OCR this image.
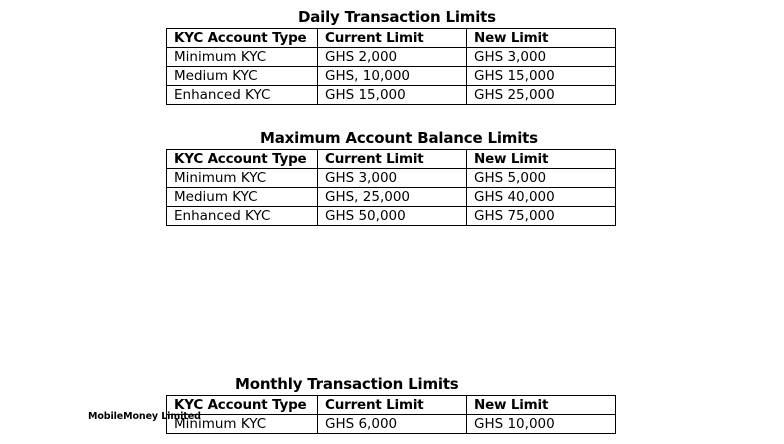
Daily Transaction Limits
KYC Account Type	Current Limit	New Limit
Minimum KYC	GHS 2,000	GHS 3,000
Medium KYC	GHS, 10,000	GHS 15,000
Enhanced KYC	GHS 15,000	GHS 25,000
Maximum Account Balance Limits
KYC Account Type	Current Limit	New Limit
Minimum KYC	GHS 3,000	GHS 5,000
Medium KYC	GHS, 25,000	GHS 40,000
Enhanced KYC	GHS 50,000	GHS 75,000
Monthly Transaction Limits
KYC Account Type	Current Limit	New Limit
Minimum KYC	GHS 6,000	GHS 10,000
MobileMoney Limited
